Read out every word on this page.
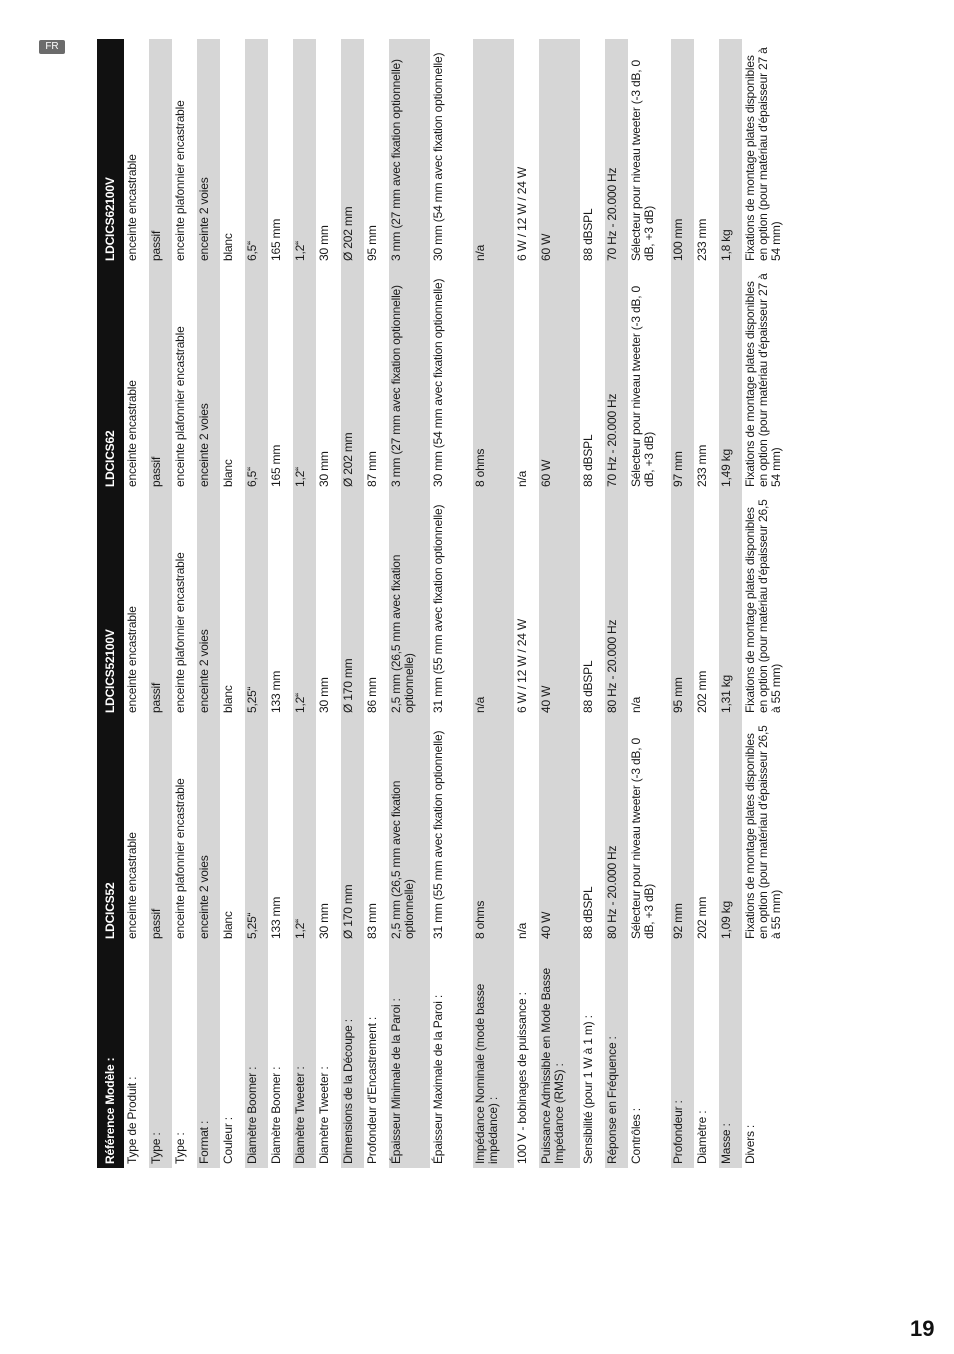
FR
Référence Modèle :	LDCICS52	LDCICS52100V	LDCICS62	LDCICS62100V
Type de Produit :	enceinte encastrable	enceinte encastrable	enceinte encastrable	enceinte encastrable
Type :	passif	passif	passif	passif
Type :	enceinte plafonnier encastrable	enceinte plafonnier encastrable	enceinte plafonnier encastrable	enceinte plafonnier encastrable
Format :	enceinte 2 voies	enceinte 2 voies	enceinte 2 voies	enceinte 2 voies
Couleur :	blanc	blanc	blanc	blanc
Diamètre Boomer :	5,25“	5,25“	6,5“	6,5“
Diamètre Boomer :	133 mm	133 mm	165 mm	165 mm
Diamètre Tweeter :	1,2“	1,2“	1,2“	1,2“
Diamètre Tweeter :	30 mm	30 mm	30 mm	30 mm
Dimensions de la Découpe :	Ø 170 mm	Ø 170 mm	Ø 202 mm	Ø 202 mm
Profondeur d'Encastrement :	83 mm	86 mm	87 mm	95 mm
Épaisseur Minimale de la Paroi :	2,5 mm (26,5 mm avec fixation optionnelle)	2,5 mm (26,5 mm avec fixation optionnelle)	3 mm (27 mm avec fixation optionnelle)	3 mm (27 mm avec fixation optionnelle)
Épaisseur Maximale de la Paroi :	31 mm (55 mm avec fixation optionnelle)	31 mm (55 mm avec fixation optionnelle)	30 mm (54 mm avec fixation optionnelle)	30 mm (54 mm avec fixation optionnelle)
Impédance Nominale (mode basse impédance) :	8 ohms	n/a	8 ohms	n/a
100 V - bobinages de puissance :	n/a	6 W / 12 W / 24 W	n/a	6 W / 12 W / 24 W
Puissance Admissible en Mode Basse Impédance (RMS) :	40 W	40 W	60 W	60 W
Sensibilité (pour 1 W à 1 m) :	88 dBSPL	88 dBSPL	88 dBSPL	88 dBSPL
Réponse en Fréquence :	80 Hz - 20.000 Hz	80 Hz - 20.000 Hz	70 Hz - 20.000 Hz	70 Hz - 20.000 Hz
Contrôles :	Sélecteur pour niveau tweeter (-3 dB, 0 dB, +3 dB)	n/a	Sélecteur pour niveau tweeter (-3 dB, 0 dB, +3 dB)	Sélecteur pour niveau tweeter (-3 dB, 0 dB, +3 dB)
Profondeur :	92 mm	95 mm	97 mm	100 mm
Diamètre :	202 mm	202 mm	233 mm	233 mm
Masse :	1,09 kg	1,31 kg	1,49 kg	1,8 kg
Divers :	Fixations de montage plates disponibles en option (pour matériau d'épaisseur 26,5 à 55 mm)	Fixations de montage plates disponibles en option (pour matériau d'épaisseur 26,5 à 55 mm)	Fixations de montage plates disponibles en option (pour matériau d'épaisseur 27 à 54 mm)	Fixations de montage plates disponibles en option (pour matériau d'épaisseur 27 à 54 mm)
19
